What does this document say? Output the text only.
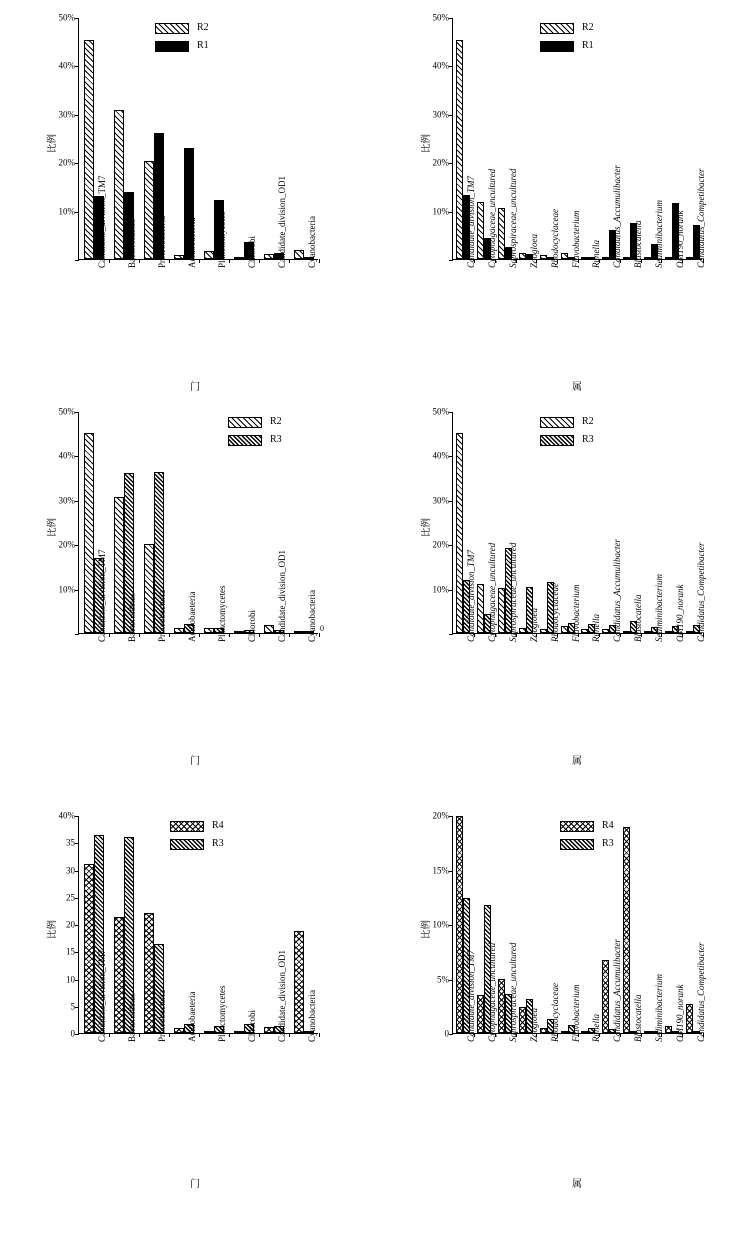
10%
20%
30%
40%
50%
比例
Candidate_division_TM7 Baeteroidetes Proteobacteria Acidobaeteria Planctomycetes Chlorobi Candidate_division_OD1 Cyanobacteria
门
R2
R1
10%
20%
30%
40%
50%
比例
Candidate_division_TM7 Cytophagaceae_uncultured Saprospiraceae_uncultured Zoogloea Rhodocyclaceae Flavobacterium Runella Candidatus_Accumulibacter Blastocatella Sediminibacterium OM190_norank Candidatus_Competibacter
属
R2
R1
10%
20%
30%
40%
50%
比例
Candidate_division_TM7 Baeteroidetes Proteobacteria Acidobaeteria Planctomycetes Chlorobi Candidate_division_OD1 Cyanobacteria 0
门
R2
R3
10%
20%
30%
40%
50%
比例
Candidate_division_TM7 Cytophagaceae_uncultured Saprospiraceae_uncultured Zoogloea Rhodocyclaceae Flavobacterium Runella Candidatus_Accumulibacter Blastocatella Sediminibacterium OM190_norank Candidatus_Competibacter
属
R2
R3
0
5
10
15
20
25
30
35
40%
比例
Candidate_division_TM7 Baeteroidetes Proteobacteria Acidobaeteria Planctomycetes Chlorobi Candidate_division_OD1 Cyanobacteria
门
R4
R3
0
5%
10%
15%
20%
比例
Candidate_division_TM7 Cytophagaceae_uncultured Saprospiraceae_uncultured Zoogloea Rhodocyclaceae Flavobacterium Runella Candidatus_Accumulibacter Blastocatella Sediminibacterium OM190_norank Candidatus_Competibacter
属
R4
R3
